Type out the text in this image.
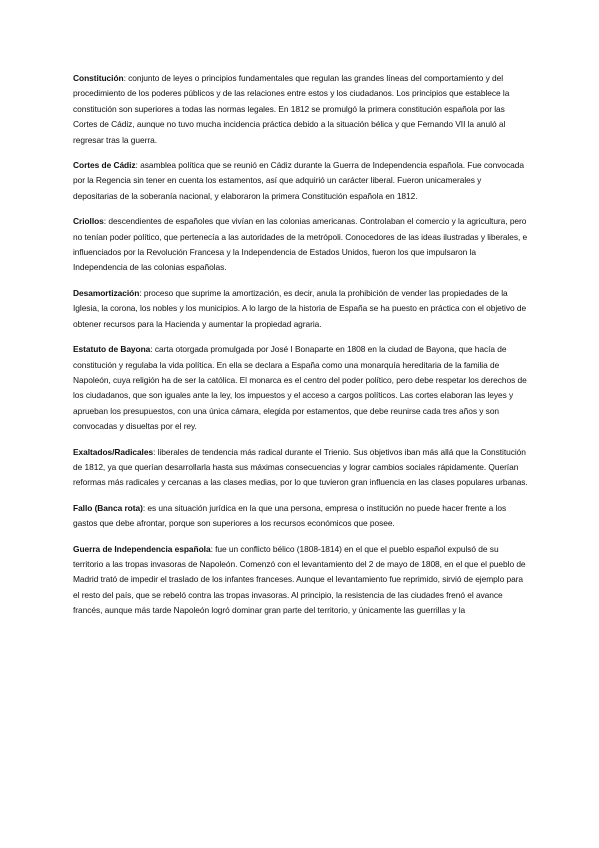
Constitución: conjunto de leyes o principios fundamentales que regulan las grandes líneas del comportamiento y del procedimiento de los poderes públicos y de las relaciones entre estos y los ciudadanos. Los principios que establece la constitución son superiores a todas las normas legales. En 1812 se promulgó la primera constitución española por las Cortes de Cádiz, aunque no tuvo mucha incidencia práctica debido a la situación bélica y que Fernando VII la anuló al regresar tras la guerra.

Cortes de Cádiz: asamblea política que se reunió en Cádiz durante la Guerra de Independencia española. Fue convocada por la Regencia sin tener en cuenta los estamentos, así que adquirió un carácter liberal. Fueron unicamerales y depositarias de la soberanía nacional, y elaboraron la primera Constitución española en 1812.

Criollos: descendientes de españoles que vivían en las colonias americanas. Controlaban el comercio y la agricultura, pero no tenían poder político, que pertenecía a las autoridades de la metrópoli. Conocedores de las ideas ilustradas y liberales, e influenciados por la Revolución Francesa y la Independencia de Estados Unidos, fueron los que impulsaron la Independencia de las colonias españolas.

Desamortización: proceso que suprime la amortización, es decir, anula la prohibición de vender las propiedades de la Iglesia, la corona, los nobles y los municipios. A lo largo de la historia de España se ha puesto en práctica con el objetivo de obtener recursos para la Hacienda y aumentar la propiedad agraria.

Estatuto de Bayona: carta otorgada promulgada por José I Bonaparte en 1808 en la ciudad de Bayona, que hacía de constitución y regulaba la vida política. En ella se declara a España como una monarquía hereditaria de la familia de Napoleón, cuya religión ha de ser la católica. El monarca es el centro del poder político, pero debe respetar los derechos de los ciudadanos, que son iguales ante la ley, los impuestos y el acceso a cargos políticos. Las cortes elaboran las leyes y aprueban los presupuestos, con una única cámara, elegida por estamentos, que debe reunirse cada tres años y son convocadas y disueltas por el rey.

Exaltados/Radicales: liberales de tendencia más radical durante el Trienio. Sus objetivos iban más allá que la Constitución de 1812, ya que querían desarrollarla hasta sus máximas consecuencias y lograr cambios sociales rápidamente. Querían reformas más radicales y cercanas a las clases medias, por lo que tuvieron gran influencia en las clases populares urbanas.

Fallo (Banca rota): es una situación jurídica en la que una persona, empresa o institución no puede hacer frente a los gastos que debe afrontar, porque son superiores a los recursos económicos que posee.

Guerra de Independencia española: fue un conflicto bélico (1808-1814) en el que el pueblo español expulsó de su territorio a las tropas invasoras de Napoleón. Comenzó con el levantamiento del 2 de mayo de 1808, en el que el pueblo de Madrid trató de impedir el traslado de los infantes franceses. Aunque el levantamiento fue reprimido, sirvió de ejemplo para el resto del país, que se rebeló contra las tropas invasoras. Al principio, la resistencia de las ciudades frenó el avance francés, aunque más tarde Napoleón logró dominar gran parte del territorio, y únicamente las guerrillas y la
